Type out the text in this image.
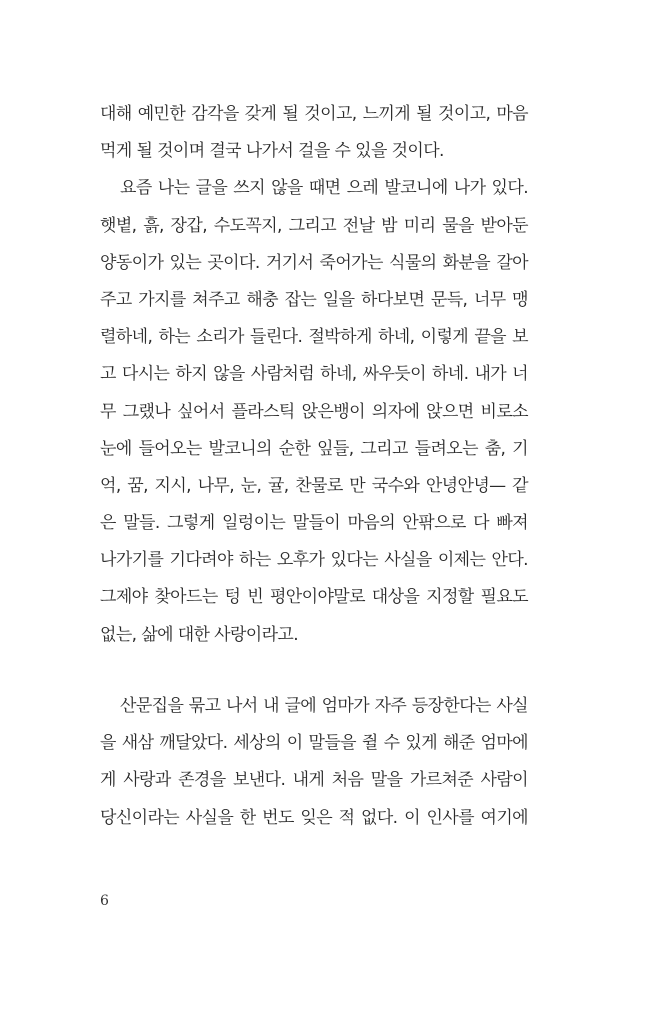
대해 예민한 감각을 갖게 될 것이고, 느끼게 될 것이고, 마음
먹게 될 것이며 결국 나가서 걸을 수 있을 것이다.
요즘 나는 글을 쓰지 않을 때면 으레 발코니에 나가 있다.
햇볕, 흙, 장갑, 수도꼭지, 그리고 전날 밤 미리 물을 받아둔
양동이가 있는 곳이다. 거기서 죽어가는 식물의 화분을 갈아
주고 가지를 쳐주고 해충 잡는 일을 하다보면 문득, 너무 맹
렬하네, 하는 소리가 들린다. 절박하게 하네, 이렇게 끝을 보
고 다시는 하지 않을 사람처럼 하네, 싸우듯이 하네. 내가 너
무 그랬나 싶어서 플라스틱 앉은뱅이 의자에 앉으면 비로소
눈에 들어오는 발코니의 순한 잎들, 그리고 들려오는 춤, 기
억, 꿈, 지시, 나무, 눈, 귤, 찬물로 만 국수와 안녕안녕— 같
은 말들. 그렇게 일렁이는 말들이 마음의 안팎으로 다 빠져
나가기를 기다려야 하는 오후가 있다는 사실을 이제는 안다.
그제야 찾아드는 텅 빈 평안이야말로 대상을 지정할 필요도
없는, 삶에 대한 사랑이라고.
산문집을 묶고 나서 내 글에 엄마가 자주 등장한다는 사실
을 새삼 깨달았다. 세상의 이 말들을 쥘 수 있게 해준 엄마에
게 사랑과 존경을 보낸다. 내게 처음 말을 가르쳐준 사람이
당신이라는 사실을 한 번도 잊은 적 없다. 이 인사를 여기에
6
